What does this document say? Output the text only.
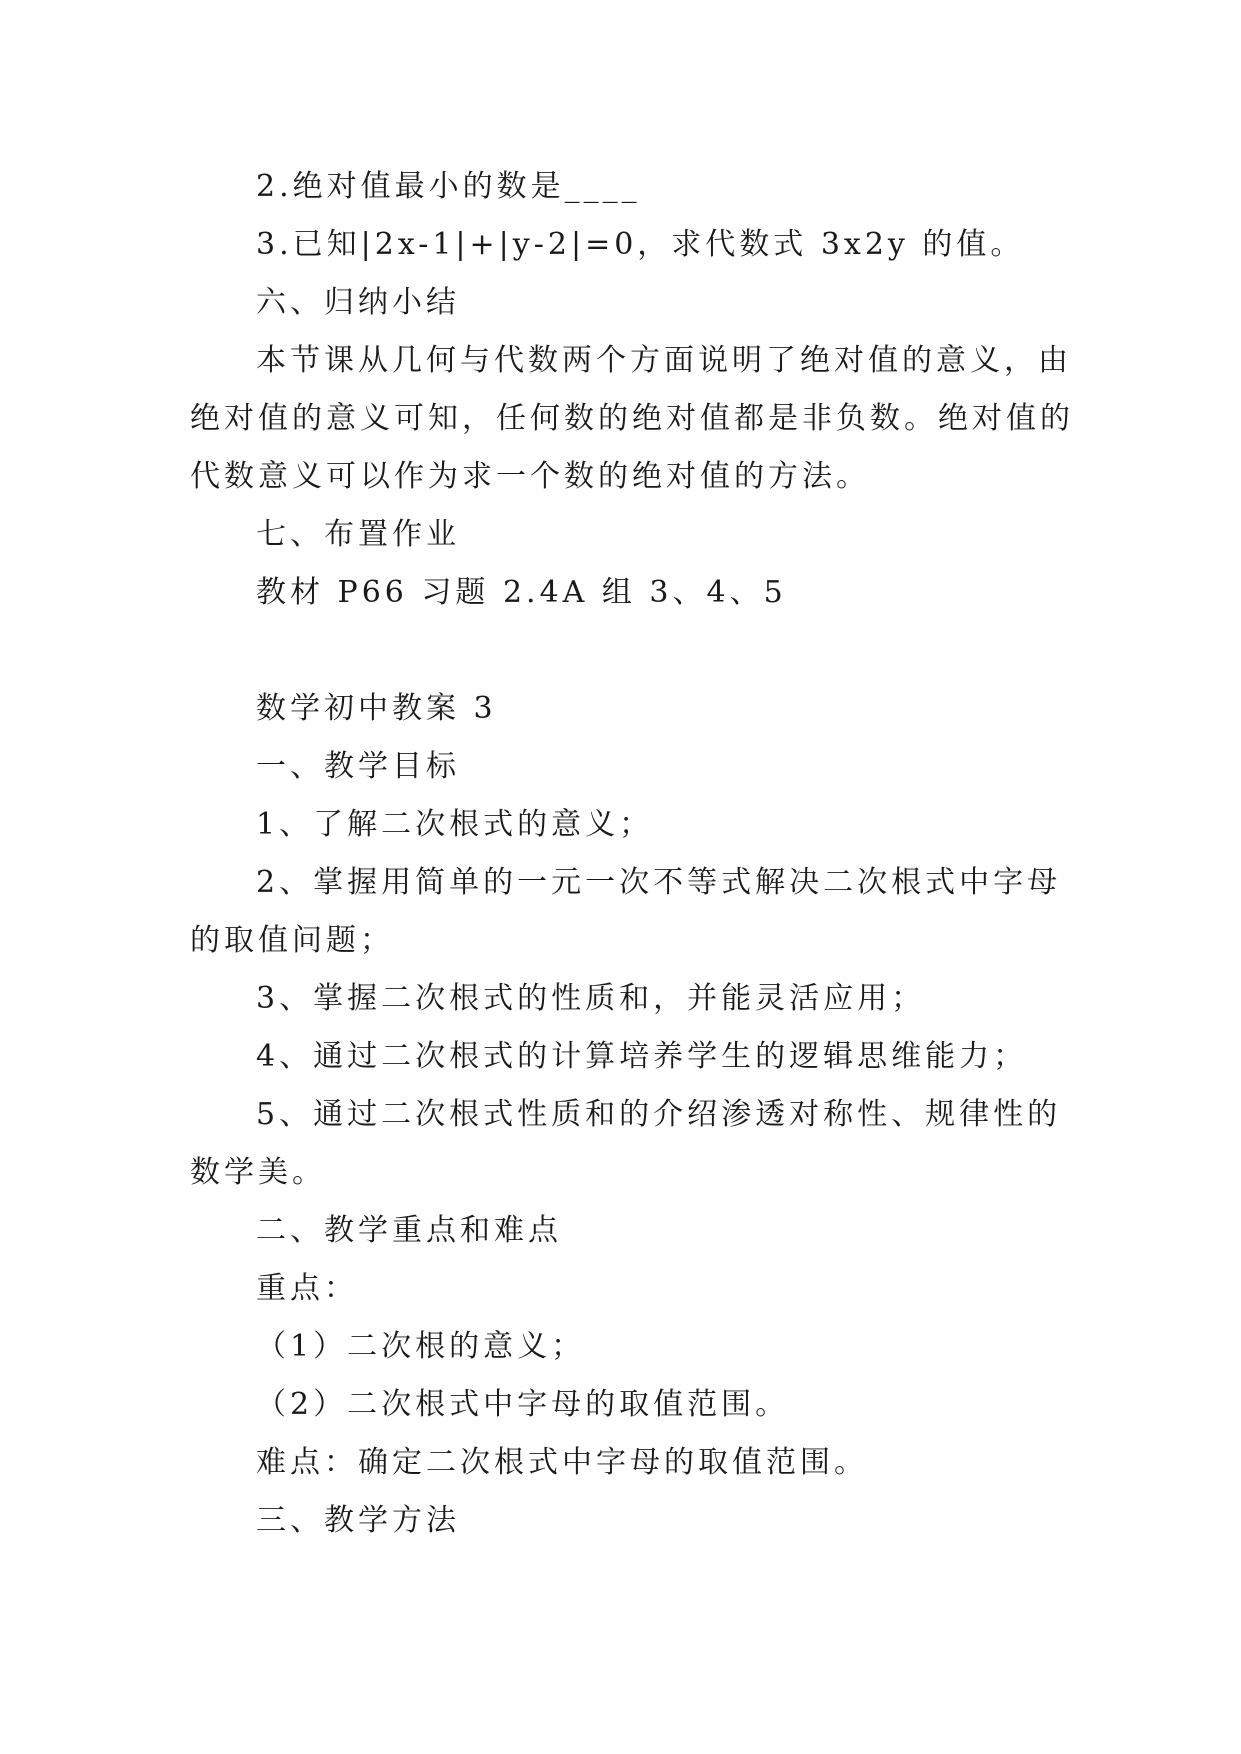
2.绝对值最小的数是____
3.已知|2x-1|+|y-2|=0，求代数式 3x2y 的值。
六、归纳小结
本节课从几何与代数两个方面说明了绝对值的意义，由
绝对值的意义可知，任何数的绝对值都是非负数。绝对值的
代数意义可以作为求一个数的绝对值的方法。
七、布置作业
教材 P66 习题 2.4A 组 3、4、5
数学初中教案 3
一、教学目标
1、了解二次根式的意义；
2、掌握用简单的一元一次不等式解决二次根式中字母
的取值问题；
3、掌握二次根式的性质和，并能灵活应用；
4、通过二次根式的计算培养学生的逻辑思维能力；
5、通过二次根式性质和的介绍渗透对称性、规律性的
数学美。
二、教学重点和难点
重点：
（1）二次根的意义；
（2）二次根式中字母的取值范围。
难点：确定二次根式中字母的取值范围。
三、教学方法
